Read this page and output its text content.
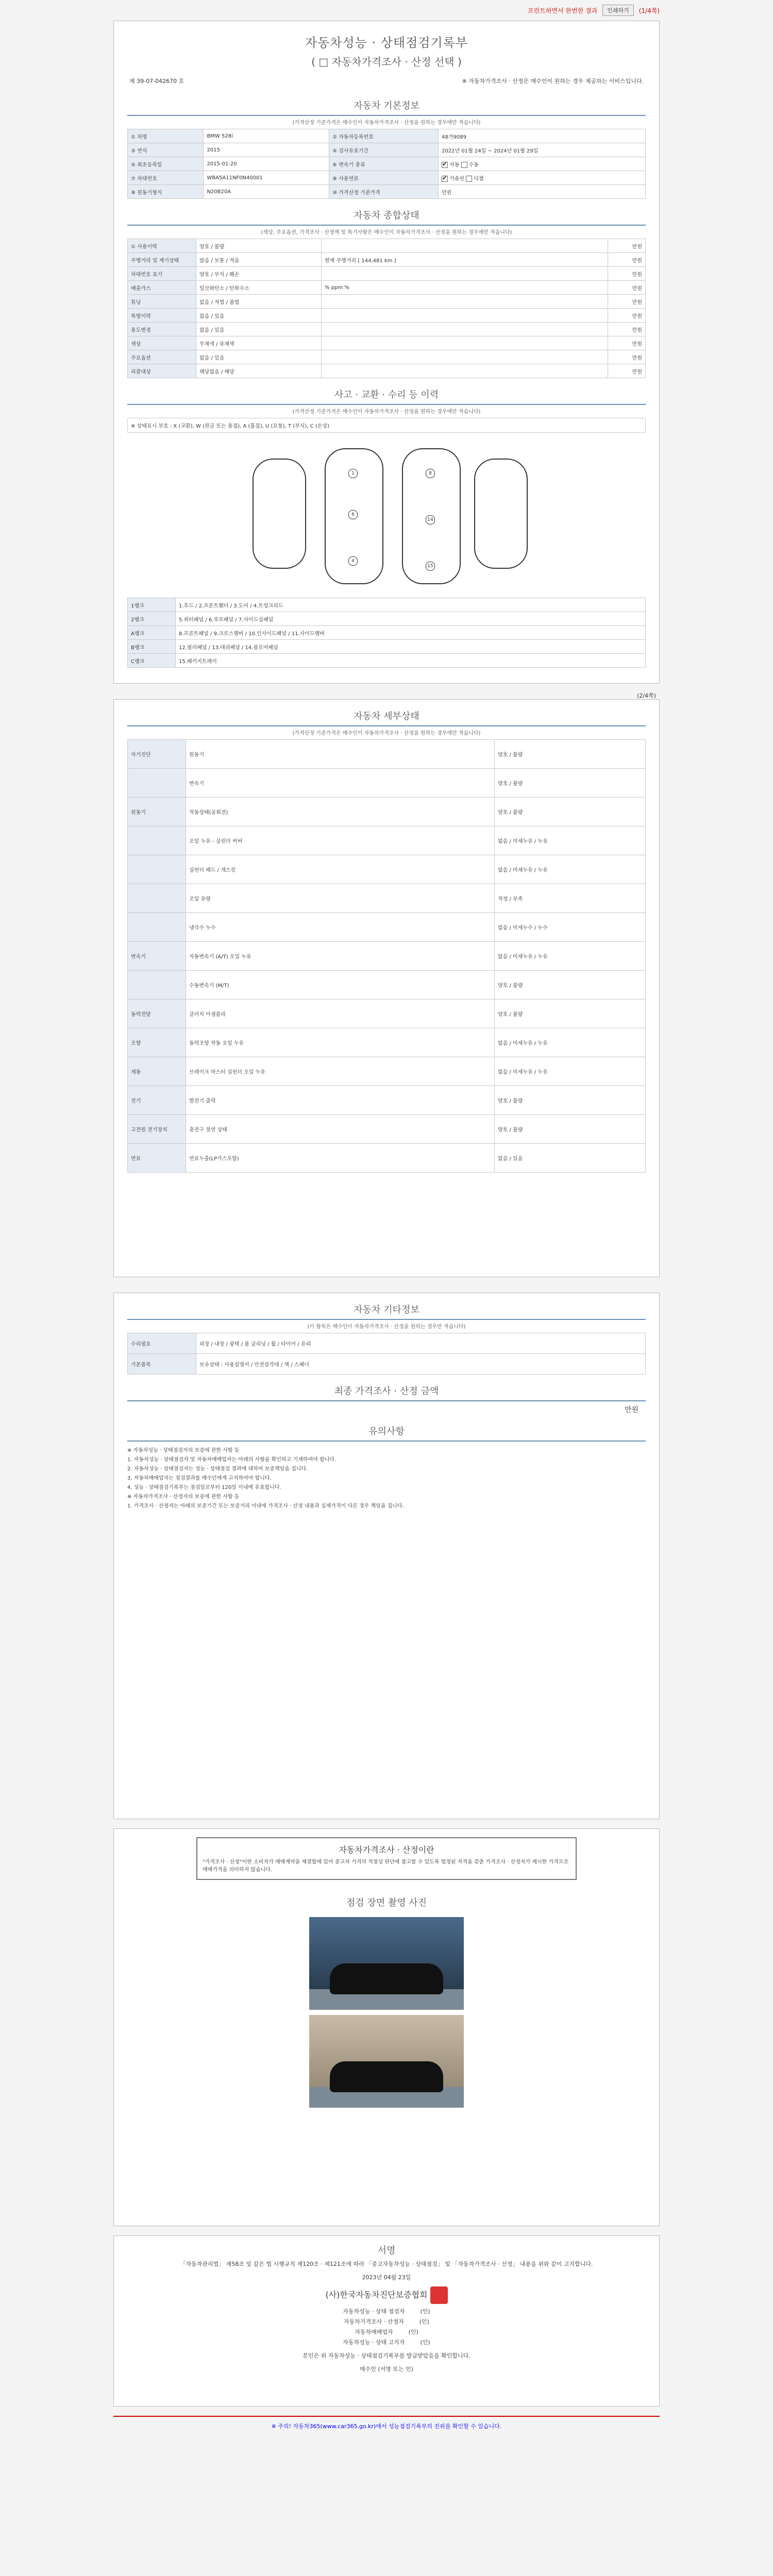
프린트하면서 한번한 결과	인쇄하기	(1/4쪽)
자동차성능 · 상태점검기록부
( □ 자동차가격조사 · 산정 선택 )
제 39-07-042670 호	※ 자동차가격조사 · 산정은 매수인이 원하는 경우 제공하는 서비스입니다.
자동차 기본정보
(가격산정 기준가격은 매수인이 자동차가격조사 · 산정을 원하는 경우에만 적습니다)
① 차명	BMW 528i	② 자동차등록번호	48가9089
③ 연식	2015	④ 검사유효기간	2022년 01월 24일 ~ 2024년 01월 29일
⑤ 최초등록일	2015-01-20	⑥ 변속기 종류	✔자동 수동
⑦ 차대번호	WBA5A11NF0N40001	⑧ 사용연료	✔가솔린 디젤
⑨ 원동기형식	N20B20A	⑩ 가격산정 기준가격	만원
자동차 종합상태
(색상, 주요옵션, 가격조사 · 산정액 및 특기사항은 매수인이 자동차가격조사 · 산정을 원하는 경우에만 적습니다)
① 사용이력	양호 / 불량		만원
주행거리 및 계기상태	많음 / 보통 / 적음	현재 주행거리 [ 144,481 km ]	만원
차대번호 표기	양호 / 부식 / 훼손		만원
배출가스	일산화탄소 / 탄화수소	% ppm %	만원
튜닝	없음 / 적법 / 불법		만원
특별이력	없음 / 있음		만원
용도변경	없음 / 있음		만원
색상	무채색 / 유채색		만원
주요옵션	없음 / 있음		만원
리콜대상	해당없음 / 해당		만원
사고 · 교환 · 수리 등 이력
(가격산정 기준가격은 매수인이 자동차가격조사 · 산정을 원하는 경우에만 적습니다)
※ 상태표시 부호 : X (교환), W (판금 또는 용접), A (흠집), U (요철), T (부식), C (손상)
1
6
4
8
14
15
1랭크	1.후드 / 2.프론트휀더 / 3.도어 / 4.트렁크리드
2랭크	5.쿼터패널 / 6.루프패널 / 7.사이드실패널
A랭크	8.프론트패널 / 9.크로스멤버 / 10.인사이드패널 / 11.사이드멤버
B랭크	12.필러패널 / 13.대쉬패널 / 14.플로어패널
C랭크	15.패키지트레이
(2/4쪽)
자동차 세부상태
(가격산정 기준가격은 매수인이 자동차가격조사 · 산정을 원하는 경우에만 적습니다)
자기진단	원동기	양호 / 불량
	변속기	양호 / 불량
원동기	작동상태(공회전)	양호 / 불량
	오일 누유 - 실린더 커버	없음 / 미세누유 / 누유
	실린더 헤드 / 개스킷	없음 / 미세누유 / 누유
	오일 유량	적정 / 부족
	냉각수 누수	없음 / 미세누수 / 누수
변속기	자동변속기 (A/T) 오일 누유	없음 / 미세누유 / 누유
	수동변속기 (M/T)	양호 / 불량
동력전달	클러치 어셈블리	양호 / 불량
조향	동력조향 작동 오일 누유	없음 / 미세누유 / 누유
제동	브레이크 마스터 실린더 오일 누유	없음 / 미세누유 / 누유
전기	발전기 출력	양호 / 불량
고전원 전기장치	충전구 절연 상태	양호 / 불량
연료	연료누출(LP가스포함)	없음 / 있음
자동차 기타정보
(이 항목은 매수인이 자동차가격조사 · 산정을 원하는 경우만 적습니다)
수리필요	외장 / 내장 / 광택 / 룸 클리닝 / 휠 / 타이어 / 유리
기본품목	보유상태 : 사용설명서 / 안전삼각대 / 잭 / 스패너
최종 가격조사 · 산정 금액
만원
유의사항

※ 자동차성능 · 상태점검자의 보증에 관한 사항 등

1. 자동차성능 · 상태점검자 및 자동차매매업자는 아래의 사항을 확인하고 기재하여야 합니다.

2. 자동차성능 · 상태점검자는 성능 · 상태점검 결과에 대하여 보증책임을 집니다.

3. 자동차매매업자는 점검결과를 매수인에게 고지하여야 합니다.

4. 성능 · 상태점검기록부는 점검일로부터 120일 이내에 유효합니다.

※ 자동차가격조사 · 산정자의 보증에 관한 사항 등

1. 가격조사 · 산정자는 아래의 보증기간 또는 보증거리 이내에 가격조사 · 산정 내용과 실제가격이 다른 경우 책임을 집니다.

자동차가격조사 · 산정이란
"가격조사 · 산정"이란 소비자가 매매계약을 체결함에 있어 중고차 가격의 적절성 판단에 참고할 수 있도록 법정된 자격을 갖춘 가격조사 · 산정자가 제시한 가격으로 매매가격을 의미하지 않습니다.
점검 장면 촬영 사진
서명
「자동차관리법」 제58조 및 같은 법 시행규칙 제120조 · 제121조에 따라 「중고자동차성능 · 상태점검」 및 「자동차가격조사 · 산정」 내용을 위와 같이 고지합니다.
2023년 04월 23일
(사)한국자동차진단보증협회
자동차성능 · 상태 점검자	(인)
자동차가격조사 · 산정자	(인)
자동차매매업자	(인)
자동차성능 · 상태 고지자	(인)
본인은 위 자동차성능 · 상태점검기록부를 발급받았음을 확인합니다.
매수인 (서명 또는 인)
※ 주의! 자동차365(www.car365.go.kr)에서 성능점검기록부의 진위를 확인할 수 있습니다.
